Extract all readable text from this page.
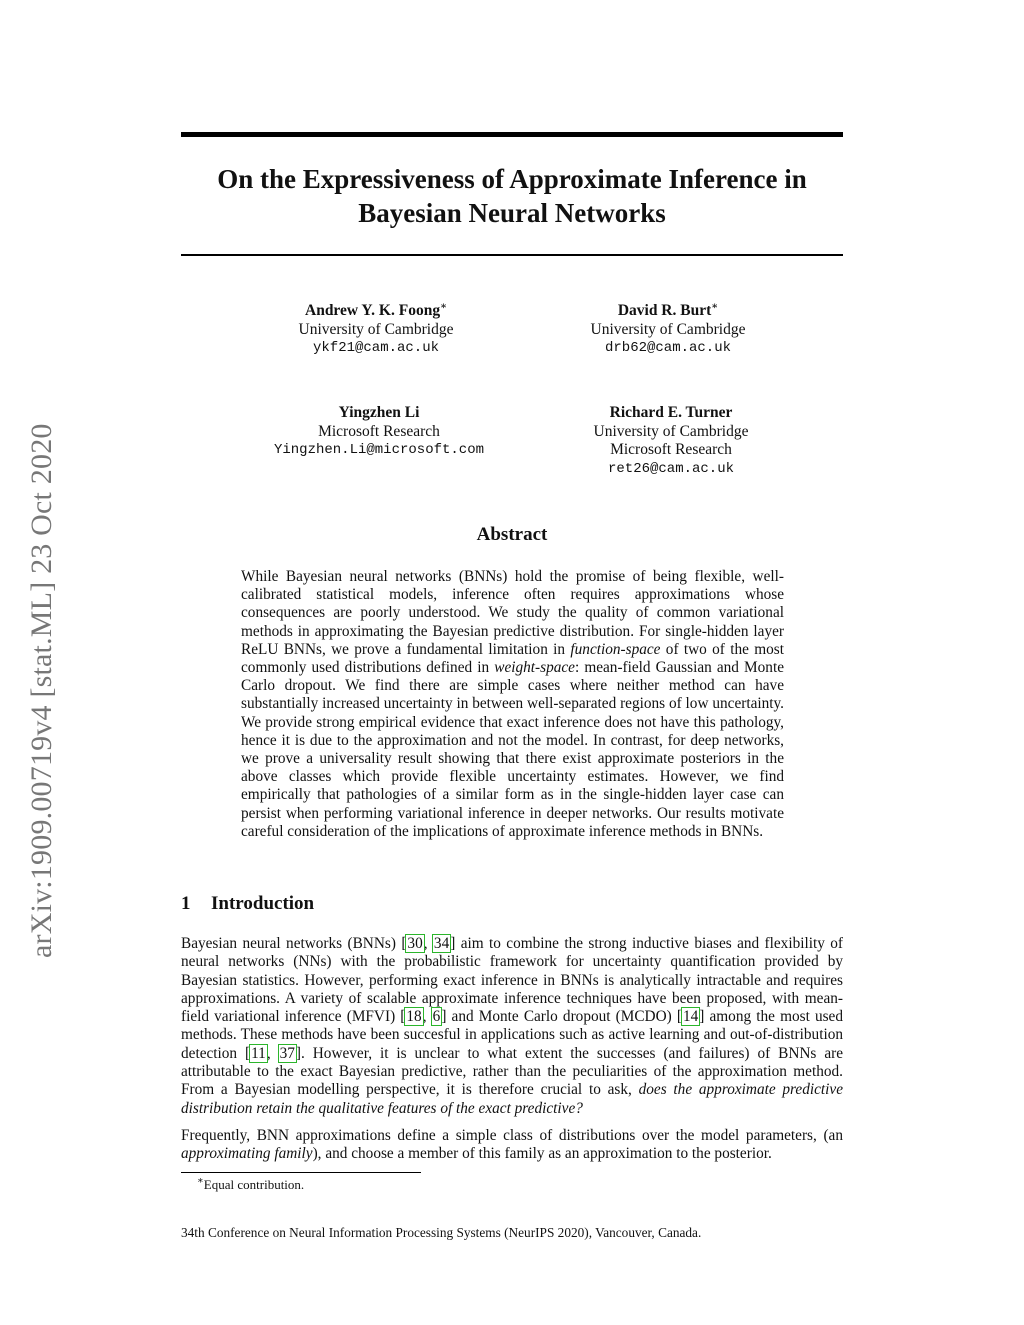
arXiv:1909.00719v4 [stat.ML] 23 Oct 2020
On the Expressiveness of Approximate Inference in
Bayesian Neural Networks
Andrew Y. K. Foong∗
University of Cambridge
ykf21@cam.ac.uk
David R. Burt∗
University of Cambridge
drb62@cam.ac.uk
Yingzhen Li
Microsoft Research
Yingzhen.Li@microsoft.com
Richard E. Turner
University of Cambridge
Microsoft Research
ret26@cam.ac.uk
Abstract
While Bayesian neural networks (BNNs) hold the promise of being flexible, well-calibrated statistical models, inference often requires approximations whose consequences are poorly understood. We study the quality of common variational methods in approximating the Bayesian predictive distribution. For single-hidden layer ReLU BNNs, we prove a fundamental limitation in function-space of two of the most commonly used distributions defined in weight-space: mean-field Gaussian and Monte Carlo dropout. We find there are simple cases where neither method can have substantially increased uncertainty in between well-separated regions of low uncertainty. We provide strong empirical evidence that exact inference does not have this pathology, hence it is due to the approximation and not the model. In contrast, for deep networks, we prove a universality result showing that there exist approximate posteriors in the above classes which provide flexible uncertainty estimates. However, we find empirically that pathologies of a similar form as in the single-hidden layer case can persist when performing variational inference in deeper networks. Our results motivate careful consideration of the implications of approximate inference methods in BNNs.
1 Introduction
Bayesian neural networks (BNNs) [30, 34] aim to combine the strong inductive biases and flexibility of neural networks (NNs) with the probabilistic framework for uncertainty quantification provided by Bayesian statistics. However, performing exact inference in BNNs is analytically intractable and requires approximations. A variety of scalable approximate inference techniques have been proposed, with mean-field variational inference (MFVI) [18, 6] and Monte Carlo dropout (MCDO) [14] among the most used methods. These methods have been succesful in applications such as active learning and out-of-distribution detection [11, 37]. However, it is unclear to what extent the successes (and failures) of BNNs are attributable to the exact Bayesian predictive, rather than the peculiarities of the approximation method. From a Bayesian modelling perspective, it is therefore crucial to ask, does the approximate predictive distribution retain the qualitative features of the exact predictive?
Frequently, BNN approximations define a simple class of distributions over the model parameters, (an approximating family), and choose a member of this family as an approximation to the posterior.
∗Equal contribution.
34th Conference on Neural Information Processing Systems (NeurIPS 2020), Vancouver, Canada.
